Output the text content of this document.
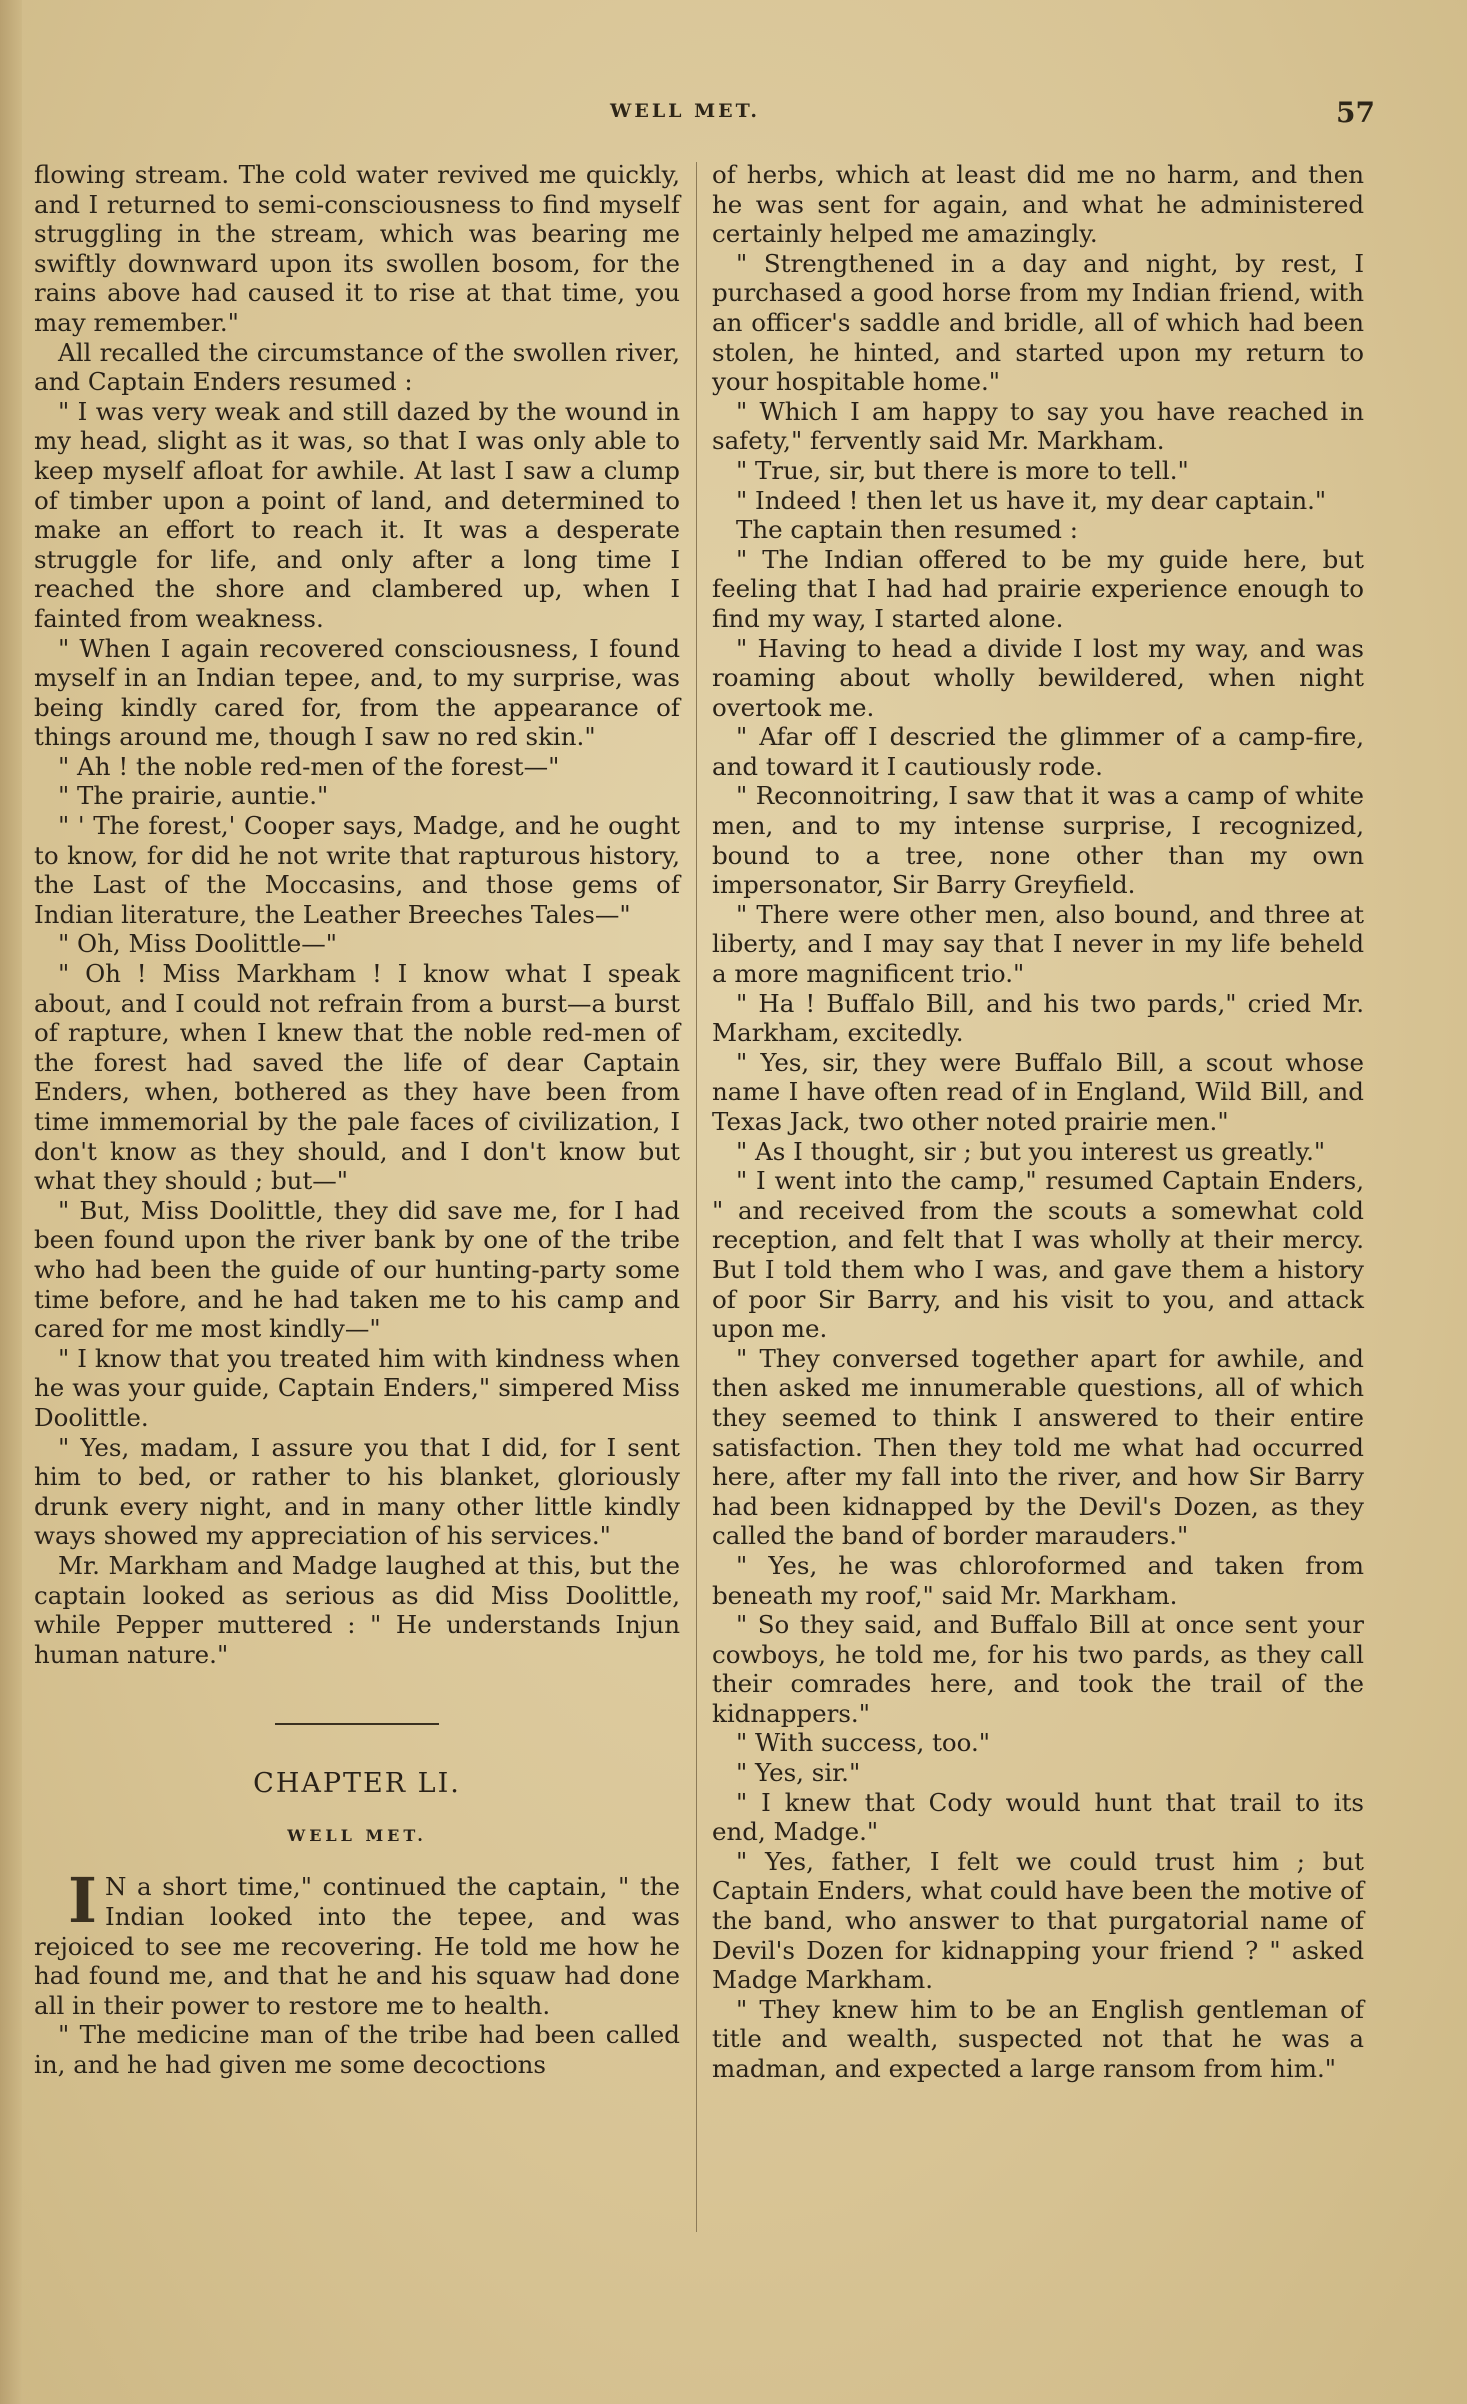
WELL MET.	57

flowing stream. The cold water revived me quickly, and I returned to semi-consciousness to find myself struggling in the stream, which was bearing me swiftly downward upon its swollen bosom, for the rains above had caused it to rise at that time, you may remember."

All recalled the circumstance of the swollen river, and Captain Enders resumed :

" I was very weak and still dazed by the wound in my head, slight as it was, so that I was only able to keep myself afloat for awhile. At last I saw a clump of timber upon a point of land, and determined to make an effort to reach it. It was a desperate struggle for life, and only after a long time I reached the shore and clambered up, when I fainted from weakness.

" When I again recovered consciousness, I found myself in an Indian tepee, and, to my surprise, was being kindly cared for, from the appearance of things around me, though I saw no red skin."

" Ah ! the noble red-men of the forest—"

" The prairie, auntie."

" ' The forest,' Cooper says, Madge, and he ought to know, for did he not write that rapturous history, the Last of the Moccasins, and those gems of Indian literature, the Leather Breeches Tales—"

" Oh, Miss Doolittle—"

" Oh ! Miss Markham ! I know what I speak about, and I could not refrain from a burst—a burst of rapture, when I knew that the noble red-men of the forest had saved the life of dear Captain Enders, when, bothered as they have been from time immemorial by the pale faces of civilization, I don't know as they should, and I don't know but what they should ; but—"

" But, Miss Doolittle, they did save me, for I had been found upon the river bank by one of the tribe who had been the guide of our hunting-party some time before, and he had taken me to his camp and cared for me most kindly—"

" I know that you treated him with kindness when he was your guide, Captain Enders," simpered Miss Doolittle.

" Yes, madam, I assure you that I did, for I sent him to bed, or rather to his blanket, gloriously drunk every night, and in many other little kindly ways showed my appreciation of his services."

Mr. Markham and Madge laughed at this, but the captain looked as serious as did Miss Doolittle, while Pepper muttered : " He understands Injun human nature."

CHAPTER LI.
WELL MET.

I N a short time," continued the captain, " the Indian looked into the tepee, and was rejoiced to see me recovering. He told me how he had found me, and that he and his squaw had done all in their power to restore me to health.

" The medicine man of the tribe had been called in, and he had given me some decoctions

of herbs, which at least did me no harm, and then he was sent for again, and what he administered certainly helped me amazingly.

" Strengthened in a day and night, by rest, I purchased a good horse from my Indian friend, with an officer's saddle and bridle, all of which had been stolen, he hinted, and started upon my return to your hospitable home."

" Which I am happy to say you have reached in safety," fervently said Mr. Markham.

" True, sir, but there is more to tell."

" Indeed ! then let us have it, my dear captain."

The captain then resumed :

" The Indian offered to be my guide here, but feeling that I had had prairie experience enough to find my way, I started alone.

" Having to head a divide I lost my way, and was roaming about wholly bewildered, when night overtook me.

" Afar off I descried the glimmer of a camp-fire, and toward it I cautiously rode.

" Reconnoitring, I saw that it was a camp of white men, and to my intense surprise, I recognized, bound to a tree, none other than my own impersonator, Sir Barry Greyfield.

" There were other men, also bound, and three at liberty, and I may say that I never in my life beheld a more magnificent trio."

" Ha ! Buffalo Bill, and his two pards," cried Mr. Markham, excitedly.

" Yes, sir, they were Buffalo Bill, a scout whose name I have often read of in England, Wild Bill, and Texas Jack, two other noted prairie men."

" As I thought, sir ; but you interest us greatly."

" I went into the camp," resumed Captain Enders, " and received from the scouts a somewhat cold reception, and felt that I was wholly at their mercy. But I told them who I was, and gave them a history of poor Sir Barry, and his visit to you, and attack upon me.

" They conversed together apart for awhile, and then asked me innumerable questions, all of which they seemed to think I answered to their entire satisfaction. Then they told me what had occurred here, after my fall into the river, and how Sir Barry had been kidnapped by the Devil's Dozen, as they called the band of border marauders."

" Yes, he was chloroformed and taken from beneath my roof," said Mr. Markham.

" So they said, and Buffalo Bill at once sent your cowboys, he told me, for his two pards, as they call their comrades here, and took the trail of the kidnappers."

" With success, too."

" Yes, sir."

" I knew that Cody would hunt that trail to its end, Madge."

" Yes, father, I felt we could trust him ; but Captain Enders, what could have been the motive of the band, who answer to that purgatorial name of Devil's Dozen for kidnapping your friend ? " asked Madge Markham.

" They knew him to be an English gentleman of title and wealth, suspected not that he was a madman, and expected a large ransom from him."
